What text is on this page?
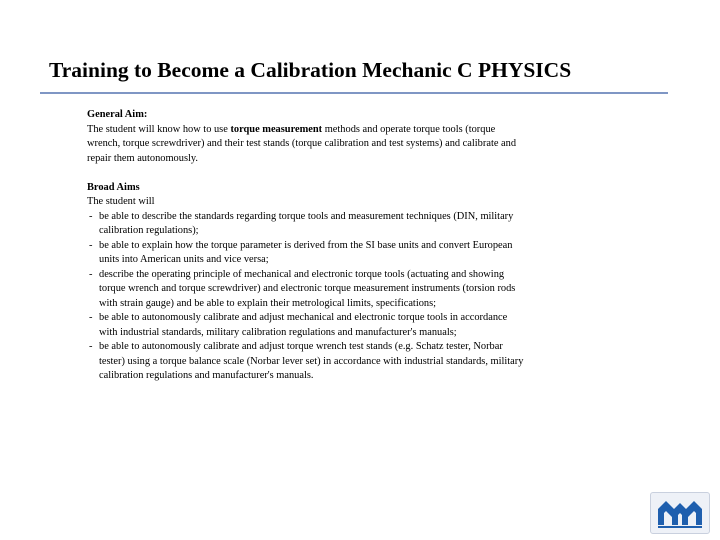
Training to Become a Calibration Mechanic C PHYSICS

General Aim:

The student will know how to use torque measurement methods and operate torque tools (torque wrench, torque screwdriver) and their test stands (torque calibration and test systems) and calibrate and repair them autonomously.

Broad Aims

The student will

- be able to describe the standards regarding torque tools and measurement techniques (DIN, military calibration regulations);
- be able to explain how the torque parameter is derived from the SI base units and convert European units into American units and vice versa;
- describe the operating principle of mechanical and electronic torque tools (actuating and showing torque wrench and torque screwdriver) and electronic torque measurement instruments (torsion rods with strain gauge) and be able to explain their metrological limits, specifications;
- be able to autonomously calibrate and adjust mechanical and electronic torque tools in accordance with industrial standards, military calibration regulations and manufacturer's manuals;
- be able to autonomously calibrate and adjust torque wrench test stands (e.g. Schatz tester, Norbar tester) using a torque balance scale (Norbar lever set) in accordance with industrial standards, military calibration regulations and manufacturer's manuals.
